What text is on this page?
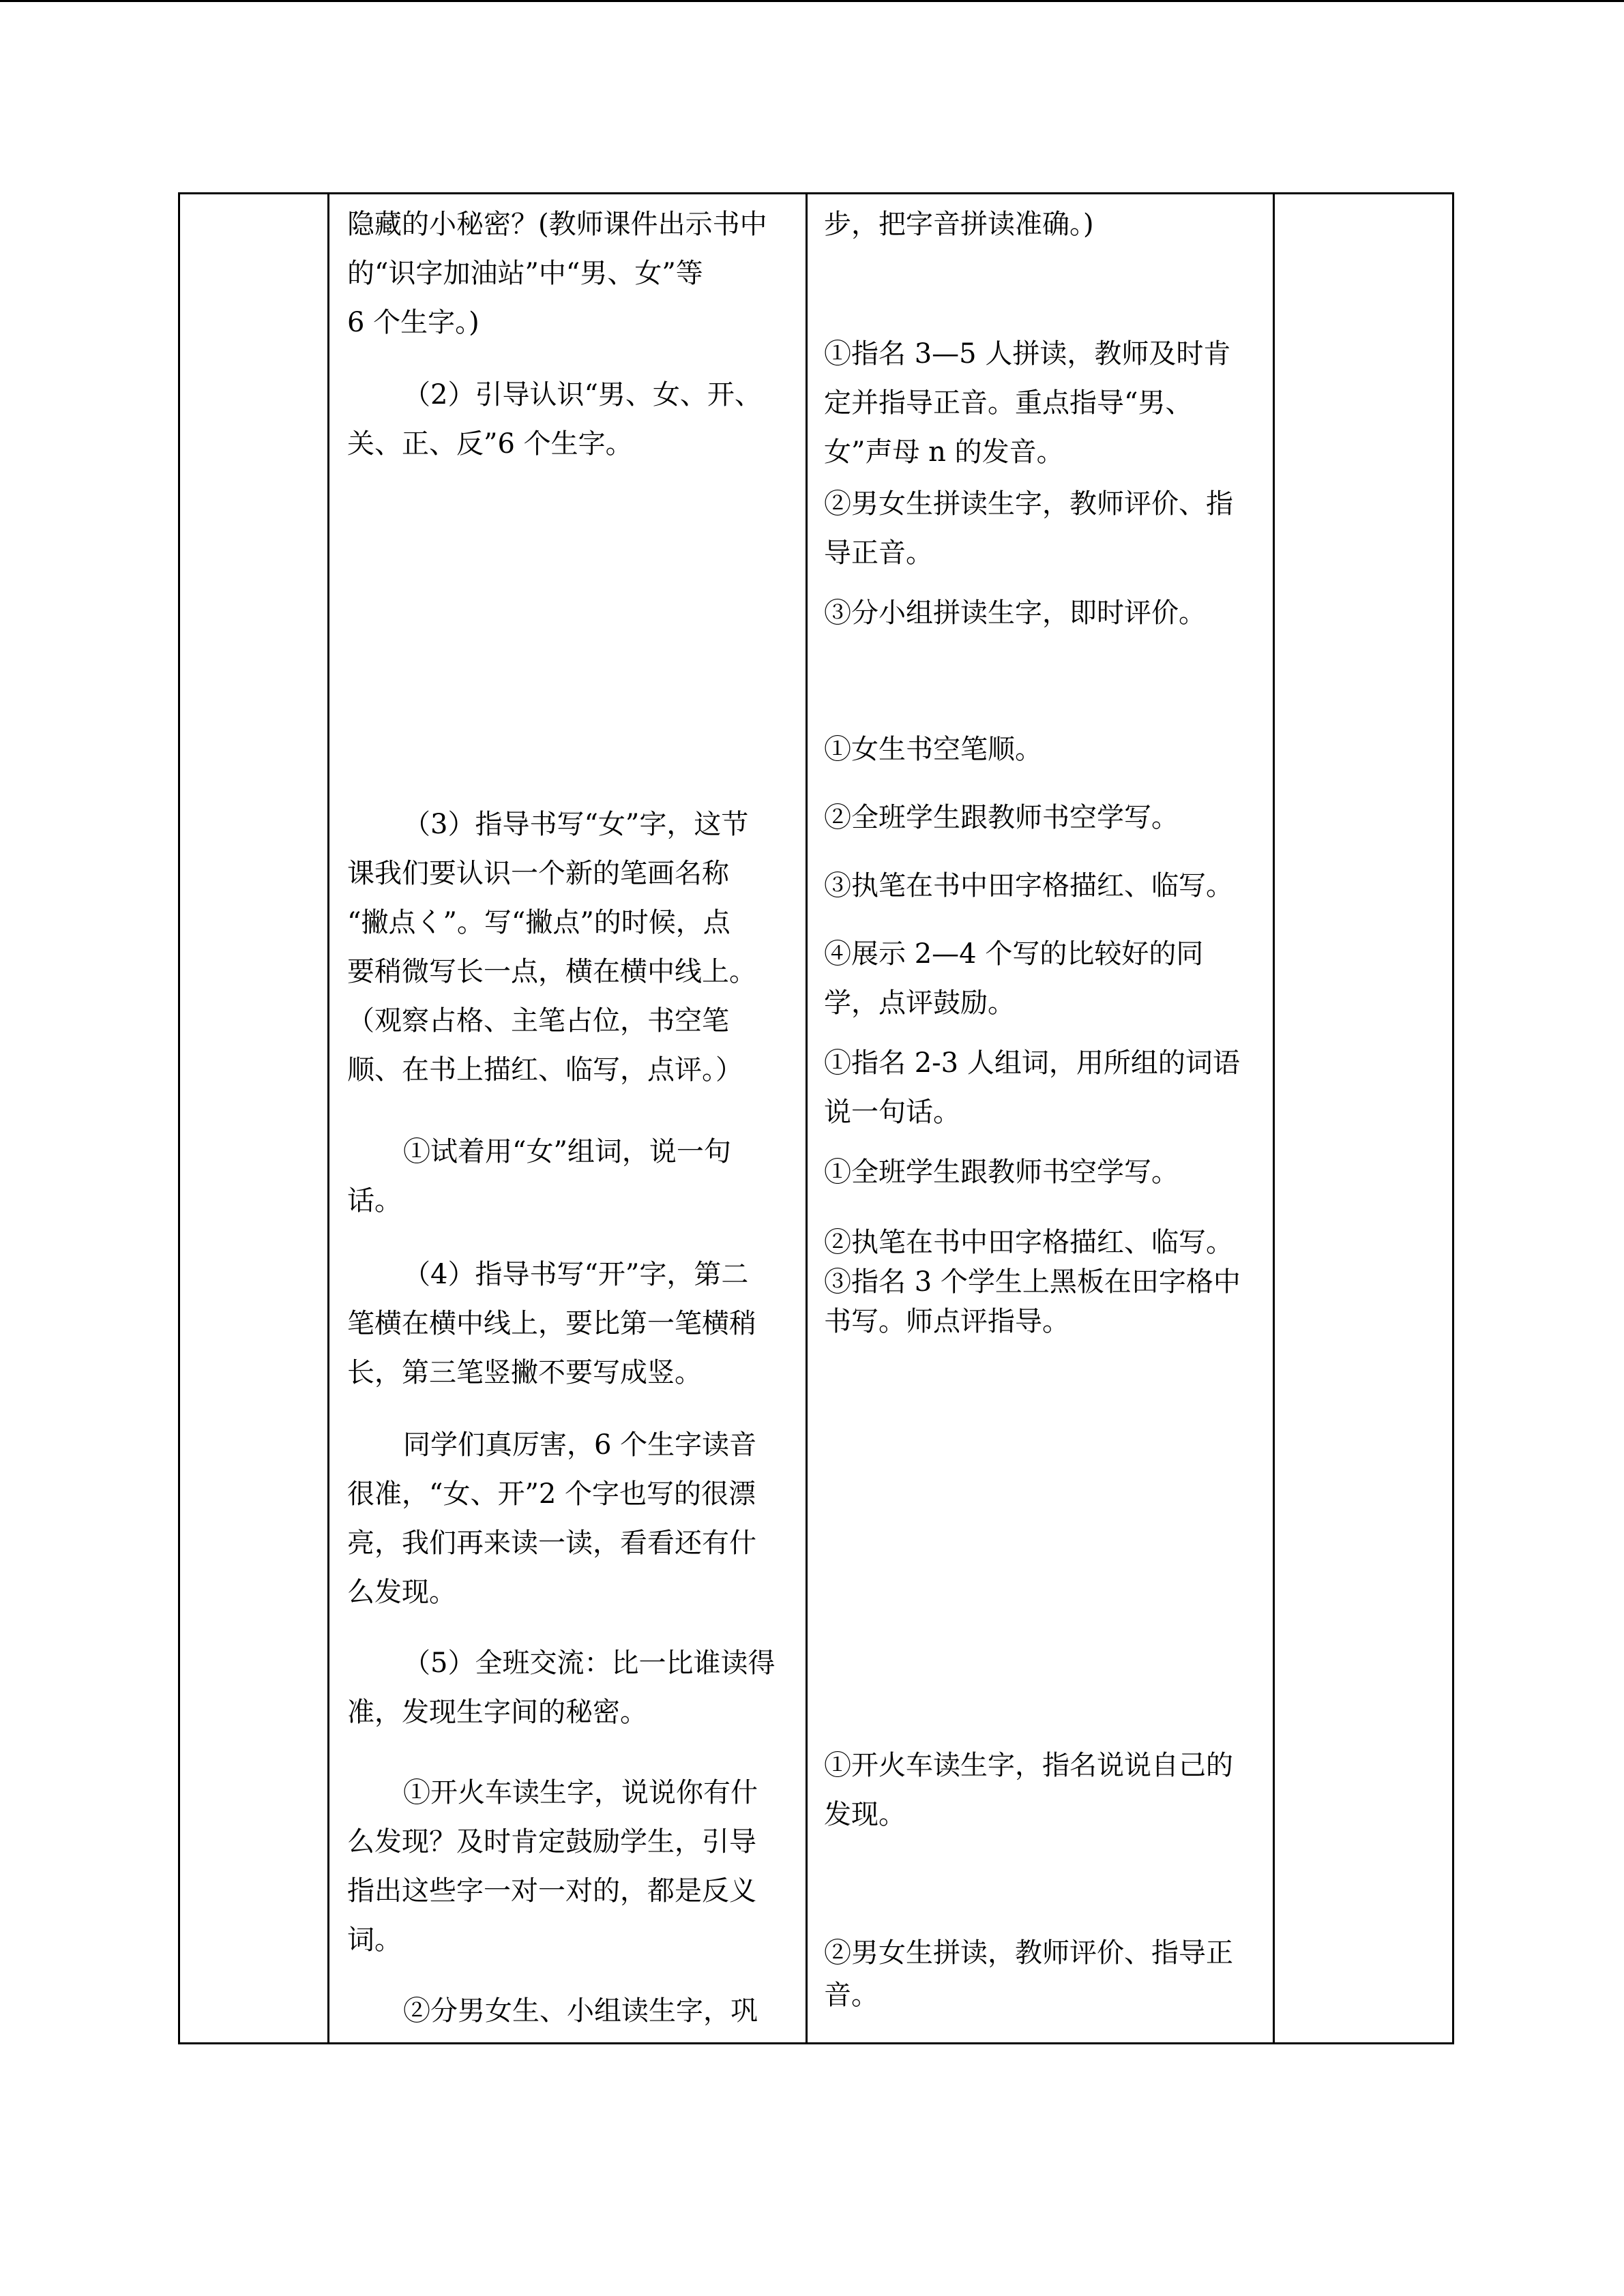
隐藏的小秘密？(教师课件出示书中
的“识字加油站”中“男、女”等
6 个生字。)
（2）引导认识“男、女、开、
关、正、反”6 个生字。
（3）指导书写“女”字，这节
课我们要认识一个新的笔画名称
“撇点く”。写“撇点”的时候，点
要稍微写长一点，横在横中线上。
（观察占格、主笔占位，书空笔
顺、在书上描红、临写，点评。）
①试着用“女”组词，说一句
话。
（4）指导书写“开”字，第二
笔横在横中线上，要比第一笔横稍
长，第三笔竖撇不要写成竖。
同学们真厉害，6 个生字读音
很准，“女、开”2 个字也写的很漂
亮，我们再来读一读，看看还有什
么发现。
（5）全班交流：比一比谁读得
准，发现生字间的秘密。
①开火车读生字，说说你有什
么发现？及时肯定鼓励学生，引导
指出这些字一对一对的，都是反义
词。
②分男女生、小组读生字，巩
步，把字音拼读准确。)
①指名 3—5 人拼读，教师及时肯
定并指导正音。重点指导“男、
女”声母 n 的发音。
②男女生拼读生字，教师评价、指
导正音。
③分小组拼读生字，即时评价。
①女生书空笔顺。
②全班学生跟教师书空学写。
③执笔在书中田字格描红、临写。
④展示 2—4 个写的比较好的同
学，点评鼓励。
①指名 2-3 人组词，用所组的词语
说一句话。
①全班学生跟教师书空学写。
②执笔在书中田字格描红、临写。
③指名 3 个学生上黑板在田字格中
书写。师点评指导。
①开火车读生字，指名说说自己的
发现。
②男女生拼读，教师评价、指导正
音。
